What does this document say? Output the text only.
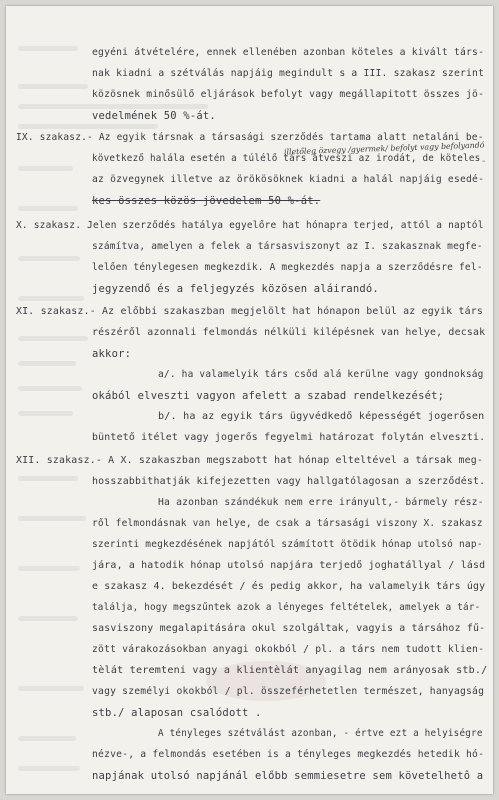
egyéni átvételére, ennek ellenében azonban köteles a kivált társ-
nak kiadni a szétválás napjáig megindult s a III. szakasz szerint
közösnek minősülő eljárások befolyt vagy megállapitott összes jö-
vedelmének 50 %-át.
IX. szakasz.- Az egyik társnak a társasági szerződés tartama alatt netaláni be-
következő halála esetén a túlélő társ átveszi az irodát, de köteles
illetőleg özvegy /gyermek/ befolyt vagy befolyandó
az özvegynek illetve az örökösöknek kiadni a halál napjáig esedé-
kes összes közös jövedelem 50 %-át.
X. szakasz. Jelen szerződés hatálya egyelőre hat hónapra terjed, attól a naptól
számítva, amelyen a felek a társasviszonyt az I. szakasznak megfe-
lelően ténylegesen megkezdik. A megkezdés napja a szerződésre fel-
jegyzendő és a feljegyzés közösen aláirandó.
XI. szakasz.- Az előbbi szakaszban megjelölt hat hónapon belül az egyik társ
részéről azonnali felmondás nélküli kilépésnek van helye, decsak
akkor:
a/. ha valamelyik társ csőd alá kerülne vagy gondnokság
okából elveszti vagyon afelett a szabad rendelkezését;
b/. ha az egyik társ ügyvédkedő képességét jogerősen
büntető itélet vagy jogerős fegyelmi határozat folytán elveszti.
XII. szakasz.- A X. szakaszban megszabott hat hónap elteltével a társak meg-
hosszabbithatják kifejezetten vagy hallgatólagosan a szerződést.
Ha azonban szándékuk nem erre irányult,- bármely rész-
ről felmondásnak van helye, de csak a társasági viszony X. szakasz
szerinti megkezdésének napjától számított ötödik hónap utolsó nap-
jára, a hatodik hónap utolsó napjára terjedő joghatállyal / lásd
e szakasz 4. bekezdését / és pedig akkor, ha valamelyik társ úgy
találja, hogy megszűntek azok a lényeges feltételek, amelyek a tár-
sasviszony megalapitására okul szolgáltak, vagyis a társához fű-
zött várakozásokban anyagi okokból / pl. a társ nem tudott klien-
tèlát teremteni vagy a klientèlát anyagilag nem arányosak stb./
vagy személyi okokból / pl. összeférhetetlen természet, hanyagság
stb./ alaposan csalódott .
A tényleges szétválást azonban, - értve ezt a helyiségre
nézve-, a felmondás esetében is a tényleges megkezdés hetedik hó-
napjának utolsó napjánál előbb semmiesetre sem követelhetô a
-
